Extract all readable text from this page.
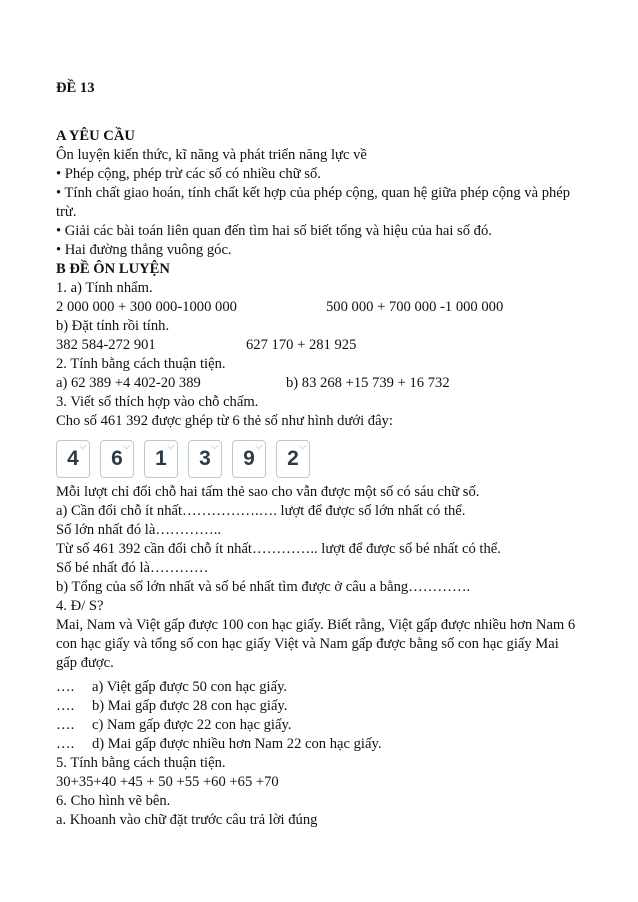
ĐỀ 13
A YÊU CẦU
Ôn luyện kiến thức, kĩ năng và phát triển năng lực về
• Phép cộng, phép trừ các số có nhiều chữ số.
• Tính chất giao hoán, tính chất kết hợp của phép cộng, quan hệ giữa phép cộng và phép
trừ.
• Giải các bài toán liên quan đến tìm hai số biết tổng và hiệu của hai số đó.
• Hai đường thẳng vuông góc.
B ĐỀ ÔN LUYỆN
1. a) Tính nhẩm.
2 000 000 + 300 000-1000 000	500 000 + 700 000 -1 000 000
b) Đặt tính rồi tính.
382 584-272 901	627 170 + 281 925
2. Tính bằng cách thuận tiện.
a) 62 389 +4 402-20 389	b) 83 268 +15 739 + 16 732
3. Viết số thích hợp vào chỗ chấm.
Cho số 461 392 được ghép từ 6 thẻ số như hình dưới đây:
4 6 1 3 9 2
Mỗi lượt chỉ đổi chỗ hai tấm thẻ sao cho vẫn được một số có sáu chữ số.
a) Cần đổi chỗ ít nhất…………….…. lượt để được số lớn nhất có thể.
Số lớn nhất đó là…………..
Từ số 461 392 cần đổi chỗ ít nhất………….. lượt để được số bé nhất có thể.
Số bé nhất đó là…………
b) Tổng của số lớn nhất và số bé nhất tìm được ở câu a bằng………….
4. Đ/ S?
Mai, Nam và Việt gấp được 100 con hạc giấy. Biết rằng, Việt gấp được nhiều hơn Nam 6
con hạc giấy và tổng số con hạc giấy Việt và Nam gấp được bằng số con hạc giấy Mai
gấp được.
…. a) Việt gấp được 50 con hạc giấy.
…. b) Mai gấp được 28 con hạc giấy.
…. c) Nam gấp được 22 con hạc giấy.
…. d) Mai gấp được nhiều hơn Nam 22 con hạc giấy.
5. Tính bằng cách thuận tiện.
30+35+40 +45 + 50 +55 +60 +65 +70
6. Cho hình vẽ bên.
a. Khoanh vào chữ đặt trước câu trả lời đúng
